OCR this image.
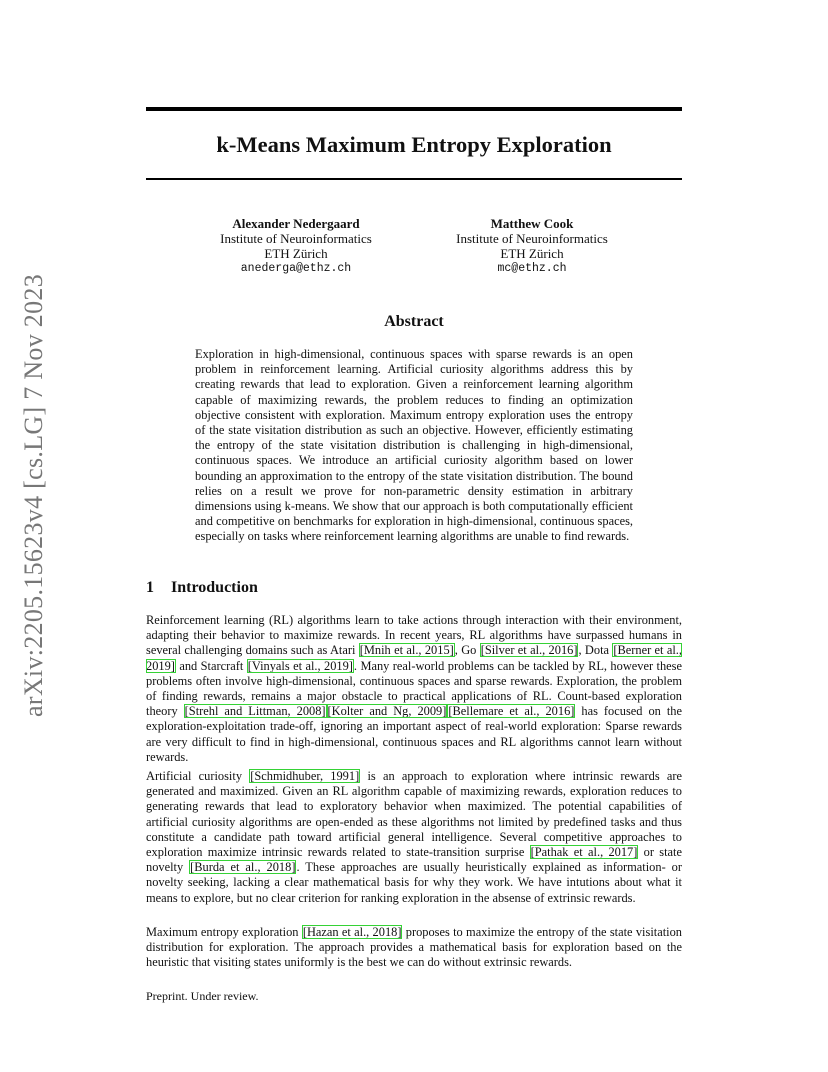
arXiv:2205.15623v4 [cs.LG] 7 Nov 2023
k-Means Maximum Entropy Exploration
Alexander Nedergaard
Institute of Neuroinformatics
ETH Zürich
anederga@ethz.ch
Matthew Cook
Institute of Neuroinformatics
ETH Zürich
mc@ethz.ch
Abstract

Exploration in high-dimensional, continuous spaces with sparse rewards is an open problem in reinforcement learning. Artificial curiosity algorithms address this by creating rewards that lead to exploration. Given a reinforcement learning algorithm capable of maximizing rewards, the problem reduces to finding an optimization objective consistent with exploration. Maximum entropy exploration uses the entropy of the state visitation distribution as such an objective. However, efficiently estimating the entropy of the state visitation distribution is challenging in high-dimensional, continuous spaces. We introduce an artificial curiosity algorithm based on lower bounding an approximation to the entropy of the state visitation distribution. The bound relies on a result we prove for non-parametric density estimation in arbitrary dimensions using k-means. We show that our approach is both computationally efficient and competitive on benchmarks for exploration in high-dimensional, continuous spaces, especially on tasks where reinforcement learning algorithms are unable to find rewards.

1 Introduction

Reinforcement learning (RL) algorithms learn to take actions through interaction with their environment, adapting their behavior to maximize rewards. In recent years, RL algorithms have surpassed humans in several challenging domains such as Atari [Mnih et al., 2015], Go [Silver et al., 2016], Dota [Berner et al., 2019] and Starcraft [Vinyals et al., 2019]. Many real-world problems can be tackled by RL, however these problems often involve high-dimensional, continuous spaces and sparse rewards. Exploration, the problem of finding rewards, remains a major obstacle to practical applications of RL. Count-based exploration theory [Strehl and Littman, 2008] [Kolter and Ng, 2009] [Bellemare et al., 2016] has focused on the exploration-exploitation trade-off, ignoring an important aspect of real-world exploration: Sparse rewards are very difficult to find in high-dimensional, continuous spaces and RL algorithms cannot learn without rewards.

Artificial curiosity [Schmidhuber, 1991] is an approach to exploration where intrinsic rewards are generated and maximized. Given an RL algorithm capable of maximizing rewards, exploration reduces to generating rewards that lead to exploratory behavior when maximized. The potential capabilities of artificial curiosity algorithms are open-ended as these algorithms not limited by predefined tasks and thus constitute a candidate path toward artificial general intelligence. Several competitive approaches to exploration maximize intrinsic rewards related to state-transition surprise [Pathak et al., 2017] or state novelty [Burda et al., 2018]. These approaches are usually heuristically explained as information- or novelty seeking, lacking a clear mathematical basis for why they work. We have intutions about what it means to explore, but no clear criterion for ranking exploration in the absense of extrinsic rewards.

Maximum entropy exploration [Hazan et al., 2018] proposes to maximize the entropy of the state visitation distribution for exploration. The approach provides a mathematical basis for exploration based on the heuristic that visiting states uniformly is the best we can do without extrinsic rewards.

Preprint. Under review.
